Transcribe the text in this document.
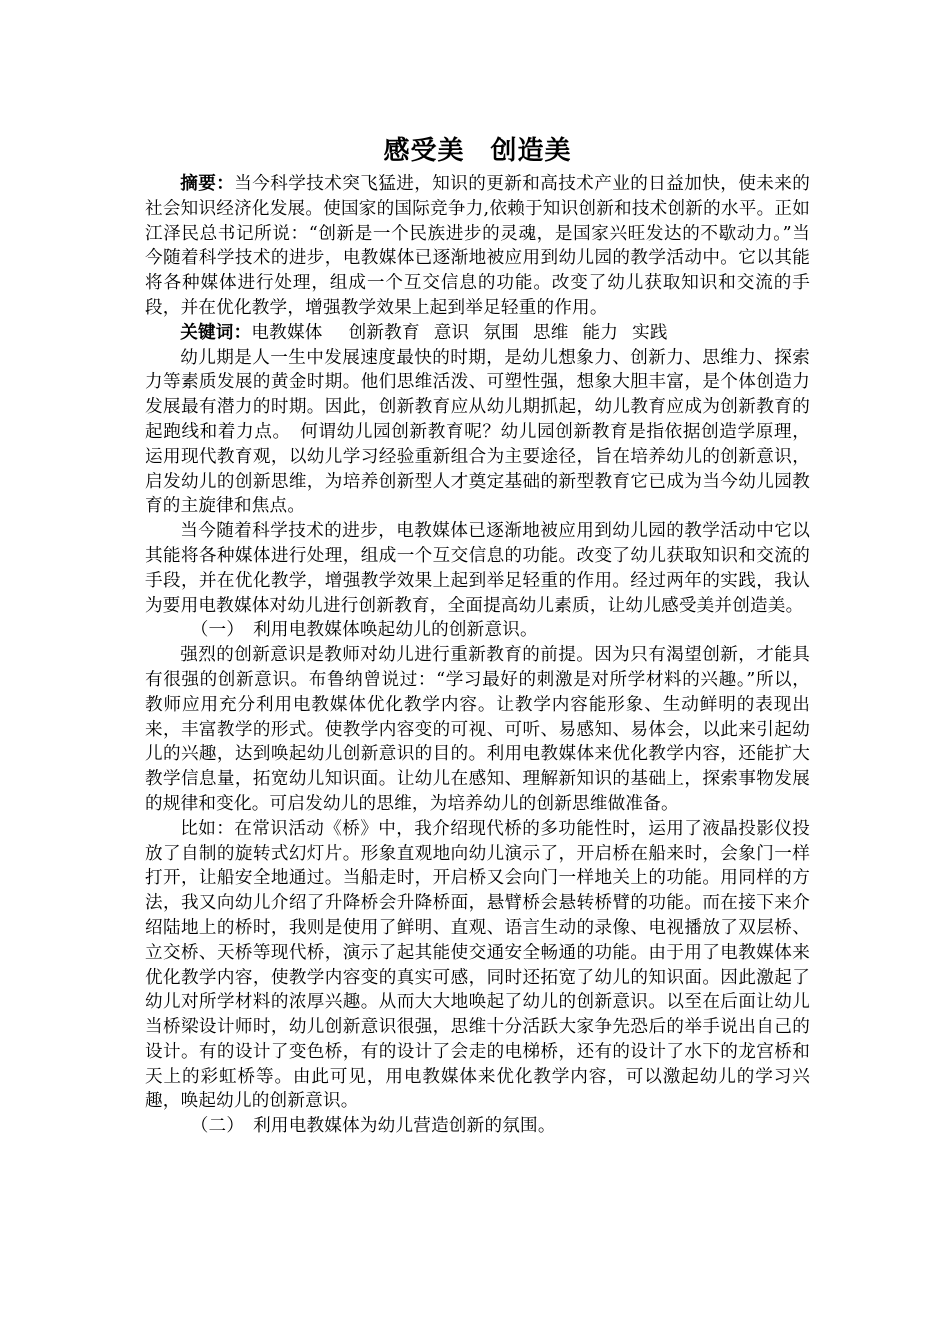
感受美 创造美

摘要：当今科学技术突飞猛进，知识的更新和高技术产业的日益加快，使未来的社会知识经济化发展。使国家的国际竞争力,依赖于知识创新和技术创新的水平。正如江泽民总书记所说：“创新是一个民族进步的灵魂，是国家兴旺发达的不歇动力。”当今随着科学技术的进步，电教媒体已逐渐地被应用到幼儿园的教学活动中。它以其能将各种媒体进行处理，组成一个互交信息的功能。改变了幼儿获取知识和交流的手段，并在优化教学，增强教学效果上起到举足轻重的作用。

关键词：电教媒体 创新教育 意识 氛围 思维 能力 实践

幼儿期是人一生中发展速度最快的时期，是幼儿想象力、创新力、思维力、探索力等素质发展的黄金时期。他们思维活泼、可塑性强，想象大胆丰富，是个体创造力发展最有潜力的时期。因此，创新教育应从幼儿期抓起，幼儿教育应成为创新教育的起跑线和着力点。　何谓幼儿园创新教育呢？幼儿园创新教育是指依据创造学原理，运用现代教育观，以幼儿学习经验重新组合为主要途径，旨在培养幼儿的创新意识，启发幼儿的创新思维，为培养创新型人才奠定基础的新型教育它已成为当今幼儿园教育的主旋律和焦点。

当今随着科学技术的进步，电教媒体已逐渐地被应用到幼儿园的教学活动中它以其能将各种媒体进行处理，组成一个互交信息的功能。改变了幼儿获取知识和交流的手段，并在优化教学，增强教学效果上起到举足轻重的作用。经过两年的实践，我认为要用电教媒体对幼儿进行创新教育，全面提高幼儿素质，让幼儿感受美并创造美。

（一）　利用电教媒体唤起幼儿的创新意识。

强烈的创新意识是教师对幼儿进行重新教育的前提。因为只有渴望创新，才能具有很强的创新意识。布鲁纳曾说过：“学习最好的刺激是对所学材料的兴趣。”所以，教师应用充分利用电教媒体优化教学内容。让教学内容能形象、生动鲜明的表现出来，丰富教学的形式。使教学内容变的可视、可听、易感知、易体会，以此来引起幼儿的兴趣，达到唤起幼儿创新意识的目的。利用电教媒体来优化教学内容，还能扩大教学信息量，拓宽幼儿知识面。让幼儿在感知、理解新知识的基础上，探索事物发展的规律和变化。可启发幼儿的思维，为培养幼儿的创新思维做准备。

比如：在常识活动《桥》中，我介绍现代桥的多功能性时，运用了液晶投影仪投放了自制的旋转式幻灯片。形象直观地向幼儿演示了，开启桥在船来时，会象门一样打开，让船安全地通过。当船走时，开启桥又会向门一样地关上的功能。用同样的方法，我又向幼儿介绍了升降桥会升降桥面，悬臂桥会悬转桥臂的功能。而在接下来介绍陆地上的桥时，我则是使用了鲜明、直观、语言生动的录像、电视播放了双层桥、立交桥、天桥等现代桥，演示了起其能使交通安全畅通的功能。由于用了电教媒体来优化教学内容，使教学内容变的真实可感，同时还拓宽了幼儿的知识面。因此激起了幼儿对所学材料的浓厚兴趣。从而大大地唤起了幼儿的创新意识。以至在后面让幼儿当桥梁设计师时，幼儿创新意识很强，思维十分活跃大家争先恐后的举手说出自己的设计。有的设计了变色桥，有的设计了会走的电梯桥，还有的设计了水下的龙宫桥和天上的彩虹桥等。由此可见，用电教媒体来优化教学内容，可以激起幼儿的学习兴趣，唤起幼儿的创新意识。

（二）　利用电教媒体为幼儿营造创新的氛围。
